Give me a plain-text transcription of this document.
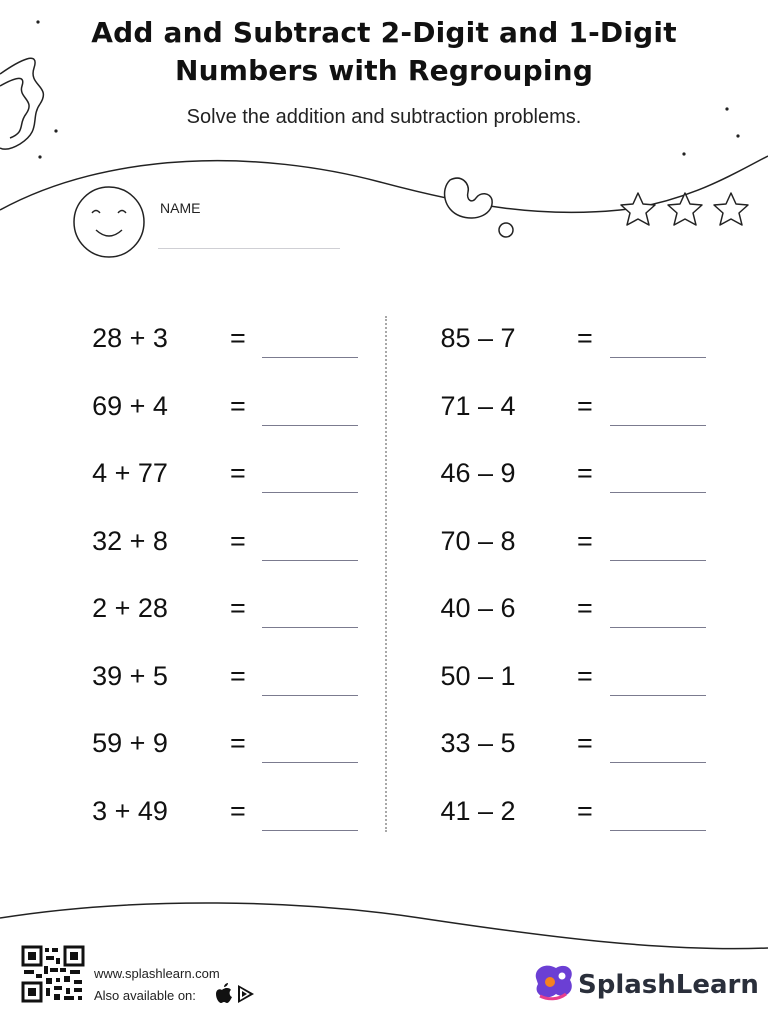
Add and Subtract 2-Digit and 1-Digit
Numbers with Regrouping
Solve the addition and subtraction problems.
NAME
28 + 3	=
69 + 4	=
4 + 77	=
32 + 8	=
2 + 28	=
39 + 5	=
59 + 9	=
3 + 49	=
85 – 7	=
71 – 4	=
46 – 9	=
70 – 8	=
40 – 6	=
50 – 1	=
33 – 5	=
41 – 2	=
www.splashlearn.com
Also available on:	SplashLearn
